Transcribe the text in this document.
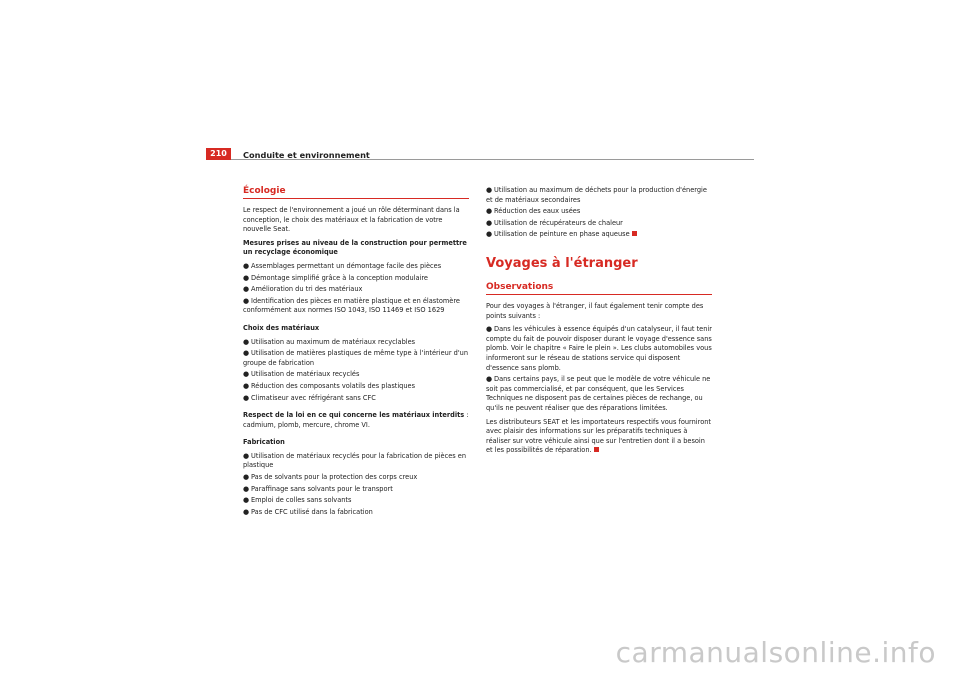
210	Conduite et environnement
Écologie

Le respect de l'environnement a joué un rôle déterminant dans la conception, le choix des matériaux et la fabrication de votre nouvelle Seat.

Mesures prises au niveau de la construction pour permettre un recyclage économique

● Assemblages permettant un démontage facile des pièces
● Démontage simplifié grâce à la conception modulaire
● Amélioration du tri des matériaux
● Identification des pièces en matière plastique et en élastomère conformément aux normes ISO 1043, ISO 11469 et ISO 1629

Choix des matériaux

● Utilisation au maximum de matériaux recyclables
● Utilisation de matières plastiques de même type à l'intérieur d'un groupe de fabrication
● Utilisation de matériaux recyclés
● Réduction des composants volatils des plastiques
● Climatiseur avec réfrigérant sans CFC

Respect de la loi en ce qui concerne les matériaux interdits : cadmium, plomb, mercure, chrome VI.

Fabrication

● Utilisation de matériaux recyclés pour la fabrication de pièces en plastique
● Pas de solvants pour la protection des corps creux
● Paraffinage sans solvants pour le transport
● Emploi de colles sans solvants
● Pas de CFC utilisé dans la fabrication
● Utilisation au maximum de déchets pour la production d'énergie et de matériaux secondaires
● Réduction des eaux usées
● Utilisation de récupérateurs de chaleur
● Utilisation de peinture en phase aqueuse
Voyages à l'étranger
Observations

Pour des voyages à l'étranger, il faut également tenir compte des points suivants :

● Dans les véhicules à essence équipés d'un catalyseur, il faut tenir compte du fait de pouvoir disposer durant le voyage d'essence sans plomb. Voir le chapitre « Faire le plein ». Les clubs automobiles vous informeront sur le réseau de stations service qui disposent d'essence sans plomb.
● Dans certains pays, il se peut que le modèle de votre véhicule ne soit pas commercialisé, et par conséquent, que les Services Techniques ne disposent pas de certaines pièces de rechange, ou qu'ils ne peuvent réaliser que des réparations limitées.

Les distributeurs SEAT et les importateurs respectifs vous fourniront avec plaisir des informations sur les préparatifs techniques à réaliser sur votre véhicule ainsi que sur l'entretien dont il a besoin et les possibilités de réparation.

carmanualsonline.info
